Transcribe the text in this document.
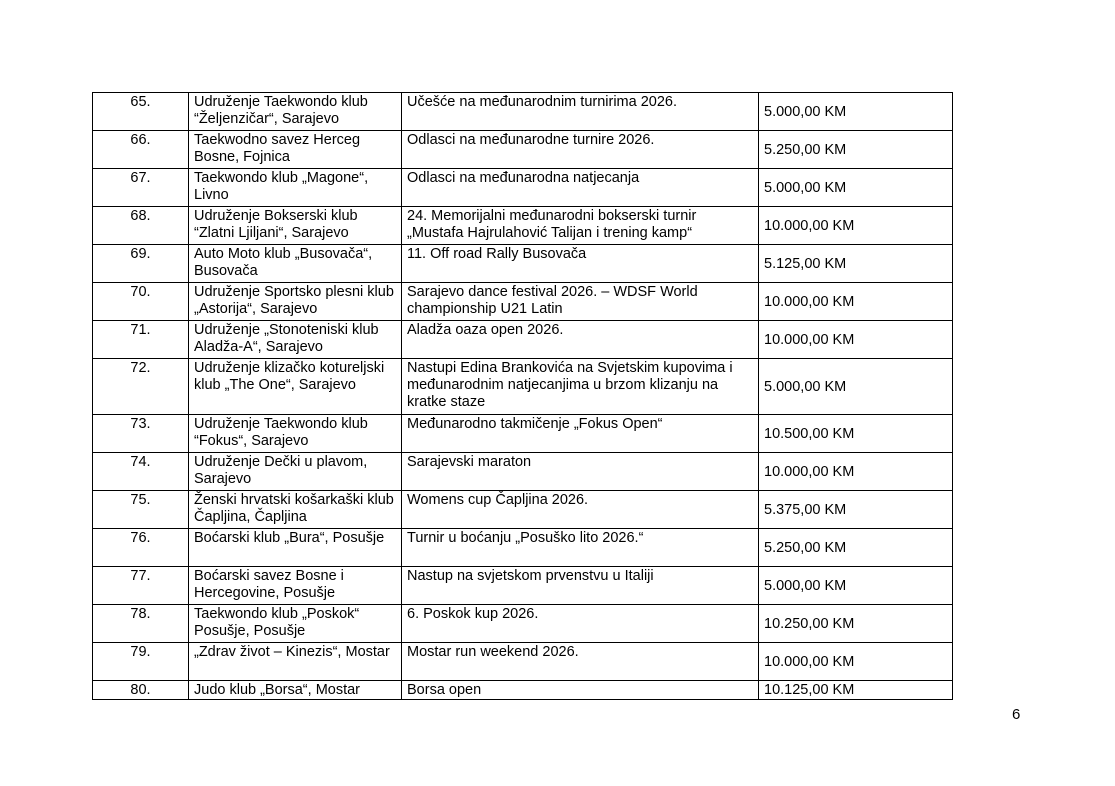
65.	Udruženje Taekwondo klub “Željenzičar“, Sarajevo	Učešće na međunarodnim turnirima 2026.	5.000,00 KM
66.	Taekwodno savez Herceg Bosne, Fojnica	Odlasci na međunarodne turnire 2026.	5.250,00 KM
67.	Taekwondo klub „Magone“, Livno	Odlasci na međunarodna natjecanja	5.000,00 KM
68.	Udruženje Bokserski klub “Zlatni Ljiljani“, Sarajevo	24. Memorijalni međunarodni bokserski turnir „Mustafa Hajrulahović Talijan i trening kamp“	10.000,00 KM
69.	Auto Moto klub „Busovača“, Busovača	11. Off road Rally Busovača	5.125,00 KM
70.	Udruženje Sportsko plesni klub „Astorija“, Sarajevo	Sarajevo dance festival 2026. – WDSF World championship U21 Latin	10.000,00 KM
71.	Udruženje „Stonoteniski klub Aladža-A“, Sarajevo	Aladža oaza open 2026.	10.000,00 KM
72.	Udruženje klizačko kotureljski klub „The One“, Sarajevo	Nastupi Edina Brankovića na Svjetskim kupovima i međunarodnim natjecanjima u brzom klizanju na kratke staze	5.000,00 KM
73.	Udruženje Taekwondo klub “Fokus“, Sarajevo	Međunarodno takmičenje „Fokus Open“	10.500,00 KM
74.	Udruženje Dečki u plavom, Sarajevo	Sarajevski maraton	10.000,00 KM
75.	Ženski hrvatski košarkaški klub Čapljina, Čapljina	Womens cup Čapljina 2026.	5.375,00 KM
76.	Boćarski klub „Bura“, Posušje	Turnir u boćanju „Posuško lito 2026.“	5.250,00 KM
77.	Boćarski savez Bosne i Hercegovine, Posušje	Nastup na svjetskom prvenstvu u Italiji	5.000,00 KM
78.	Taekwondo klub „Poskok“ Posušje, Posušje	6. Poskok kup 2026.	10.250,00 KM
79.	„Zdrav život – Kinezis“, Mostar	Mostar run weekend 2026.	10.000,00 KM
80.	Judo klub „Borsa“, Mostar	Borsa open	10.125,00 KM
6
